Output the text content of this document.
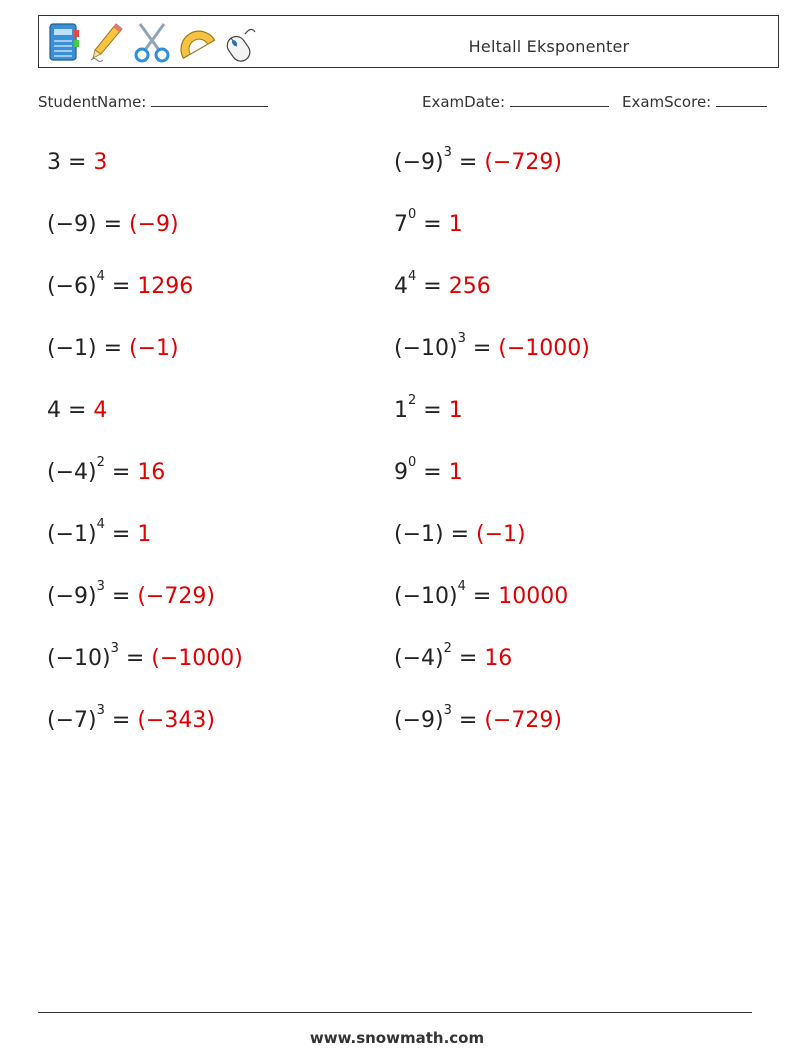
Heltall Eksponenter
StudentName:	ExamDate:	ExamScore:
3 = 3	$(-9)^3 = (-729)$
(−9) = (−9)	$7^0 = 1$
$(-6)^4 = 1296$	$4^4 = 256$
(−1) = (−1)	$(-10)^3 = (-1000)$
4 = 4	$1^2 = 1$
$(-4)^2 = 16$	$9^0 = 1$
$(-1)^4 = 1$	(−1) = (−1)
$(-9)^3 = (-729)$	$(-10)^4 = 10000$
$(-10)^3 = (-1000)$	$(-4)^2 = 16$
$(-7)^3 = (-343)$	$(-9)^3 = (-729)$
www.snowmath.com
